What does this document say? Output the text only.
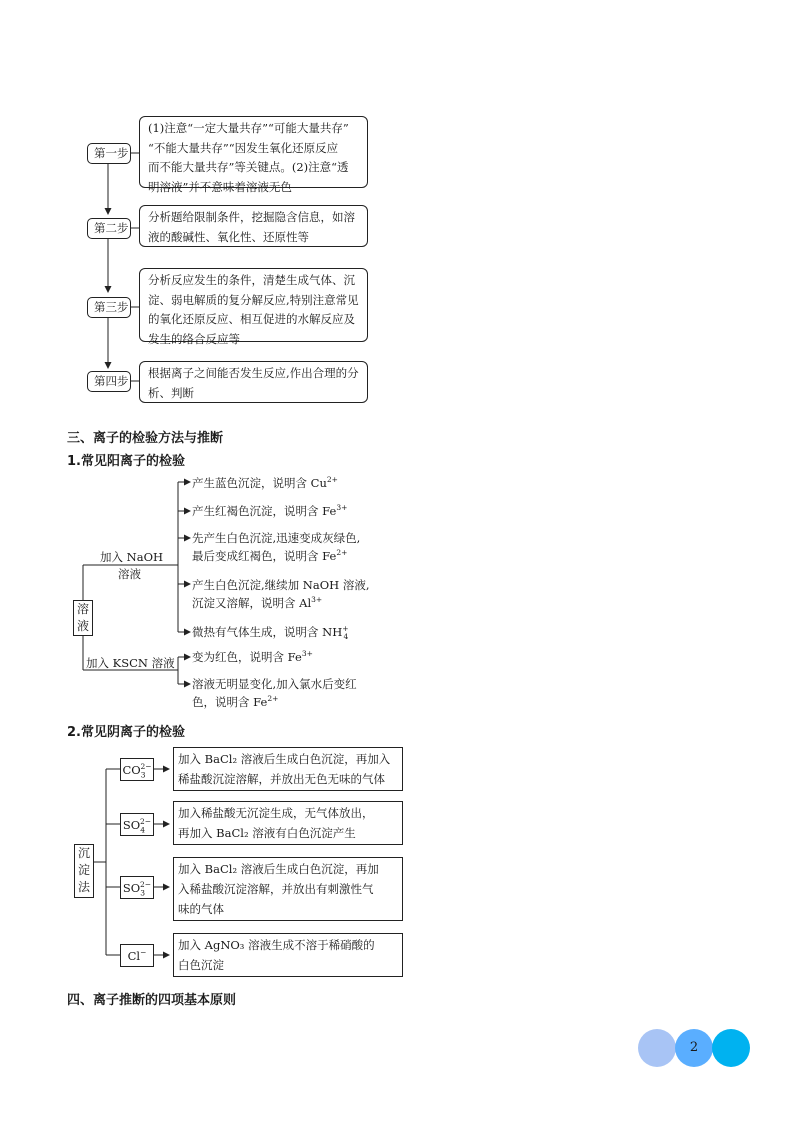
第一步
第二步
第三步
第四步
(1)注意“一定大量共存”“可能大量共存”
“不能大量共存”“因发生氧化还原反应
而不能大量共存”等关键点。(2)注意“透
明溶液”并不意味着溶液无色
分析题给限制条件，挖掘隐含信息，如溶
液的酸碱性、氧化性、还原性等
分析反应发生的条件，清楚生成气体、沉
淀、弱电解质的复分解反应,特别注意常见
的氧化还原反应、相互促进的水解反应及
发生的络合反应等
根据离子之间能否发生反应,作出合理的分
析、判断
三、离子的检验方法与推断
1.常见阳离子的检验
溶
液
加入 NaOH
溶液
加入 KSCN 溶液
产生蓝色沉淀，说明含 $Cu^{2+}$
产生红褐色沉淀，说明含 $Fe^{3+}$
先产生白色沉淀,迅速变成灰绿色,
最后变成红褐色，说明含 $Fe^{2+}$
产生白色沉淀,继续加 NaOH 溶液,
沉淀又溶解，说明含 $Al^{3+}$
微热有气体生成，说明含 $NH^+_4$
变为红色，说明含 $Fe^{3+}$
溶液无明显变化,加入氯水后变红
色，说明含 $Fe^{2+}$
2.常见阴离子的检验
沉
淀
法
$CO_3^{2-}$
$SO_4^{2-}$
$SO_3^{2-}$
Cl−
加入 BaCl₂ 溶液后生成白色沉淀，再加入
稀盐酸沉淀溶解，并放出无色无味的气体
加入稀盐酸无沉淀生成，无气体放出，
再加入 BaCl₂ 溶液有白色沉淀产生
加入 BaCl₂ 溶液后生成白色沉淀，再加
入稀盐酸沉淀溶解，并放出有刺激性气
味的气体
加入 AgNO₃ 溶液生成不溶于稀硝酸的
白色沉淀
四、离子推断的四项基本原则
2
